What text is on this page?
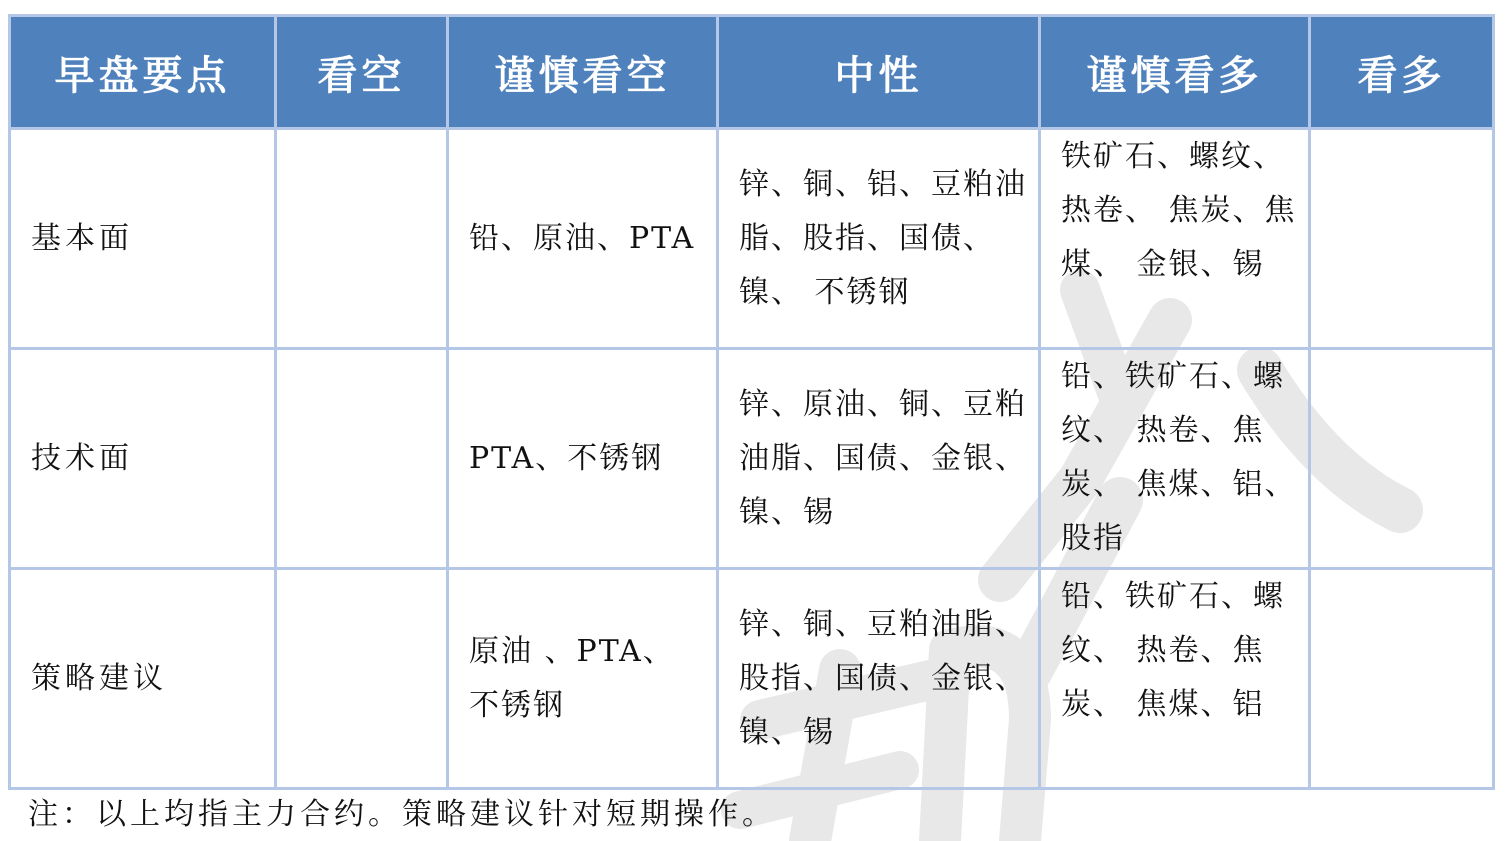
早盘要点	看空	谨慎看空	中性	谨慎看多	看多
基本面		铅、原油、PTA	锌、铜、铝、豆粕油脂、股指、国债、镍、 不锈钢	铁矿石、螺纹、热卷、 焦炭、焦煤、 金银、锡	
技术面		PTA、不锈钢	锌、原油、铜、豆粕油脂、国债、金银、镍、锡	铅、铁矿石、螺纹、 热卷、焦炭、 焦煤、铝、股指	
策略建议		原油 、PTA、不锈钢	锌、铜、豆粕油脂、股指、国债、金银、镍、锡	铅、铁矿石、螺纹、 热卷、焦炭、 焦煤、铝	
注：以上均指主力合约。策略建议针对短期操作。
